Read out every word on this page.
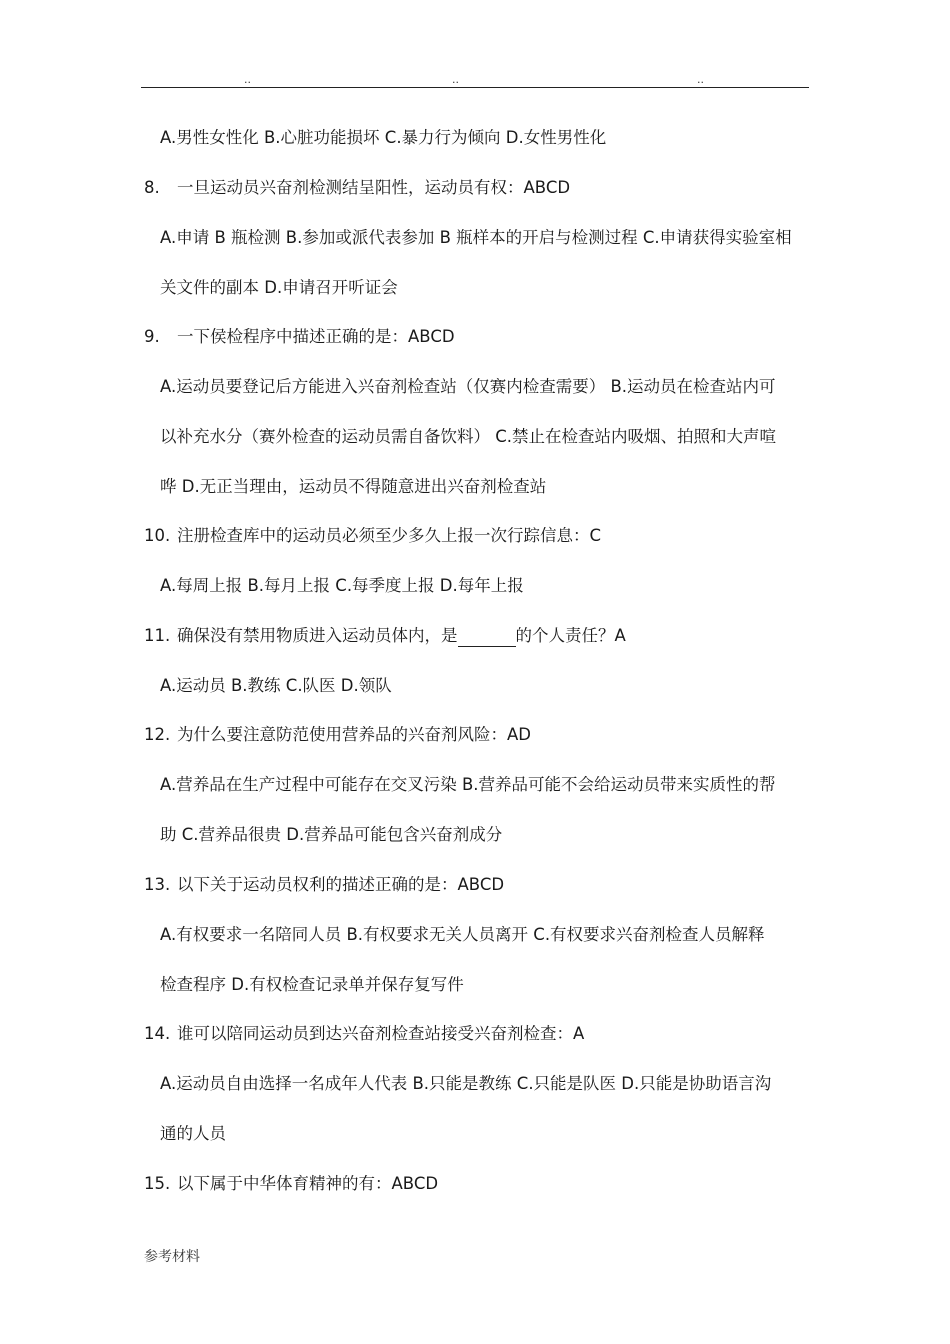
..	..	..
A.男性女性化 B.心脏功能损坏 C.暴力行为倾向 D.女性男性化
8. 一旦运动员兴奋剂检测结呈阳性，运动员有权：ABCD
A.申请 B 瓶检测 B.参加或派代表参加 B 瓶样本的开启与检测过程 C.申请获得实验室相
关文件的副本 D.申请召开听证会
9. 一下侯检程序中描述正确的是：ABCD
A.运动员要登记后方能进入兴奋剂检查站（仅赛内检查需要） B.运动员在检查站内可
以补充水分（赛外检查的运动员需自备饮料） C.禁止在检查站内吸烟、拍照和大声喧
哗 D.无正当理由，运动员不得随意进出兴奋剂检查站
10. 注册检查库中的运动员必须至少多久上报一次行踪信息：C
A.每周上报 B.每月上报 C.每季度上报 D.每年上报
11. 确保没有禁用物质进入运动员体内，是	的个人责任？A
A.运动员 B.教练 C.队医 D.领队
12. 为什么要注意防范使用营养品的兴奋剂风险：AD
A.营养品在生产过程中可能存在交叉污染 B.营养品可能不会给运动员带来实质性的帮
助 C.营养品很贵 D.营养品可能包含兴奋剂成分
13. 以下关于运动员权利的描述正确的是：ABCD
A.有权要求一名陪同人员 B.有权要求无关人员离开 C.有权要求兴奋剂检查人员解释
检查程序 D.有权检查记录单并保存复写件
14. 谁可以陪同运动员到达兴奋剂检查站接受兴奋剂检查：A
A.运动员自由选择一名成年人代表 B.只能是教练 C.只能是队医 D.只能是协助语言沟
通的人员
15. 以下属于中华体育精神的有：ABCD
参考材料
